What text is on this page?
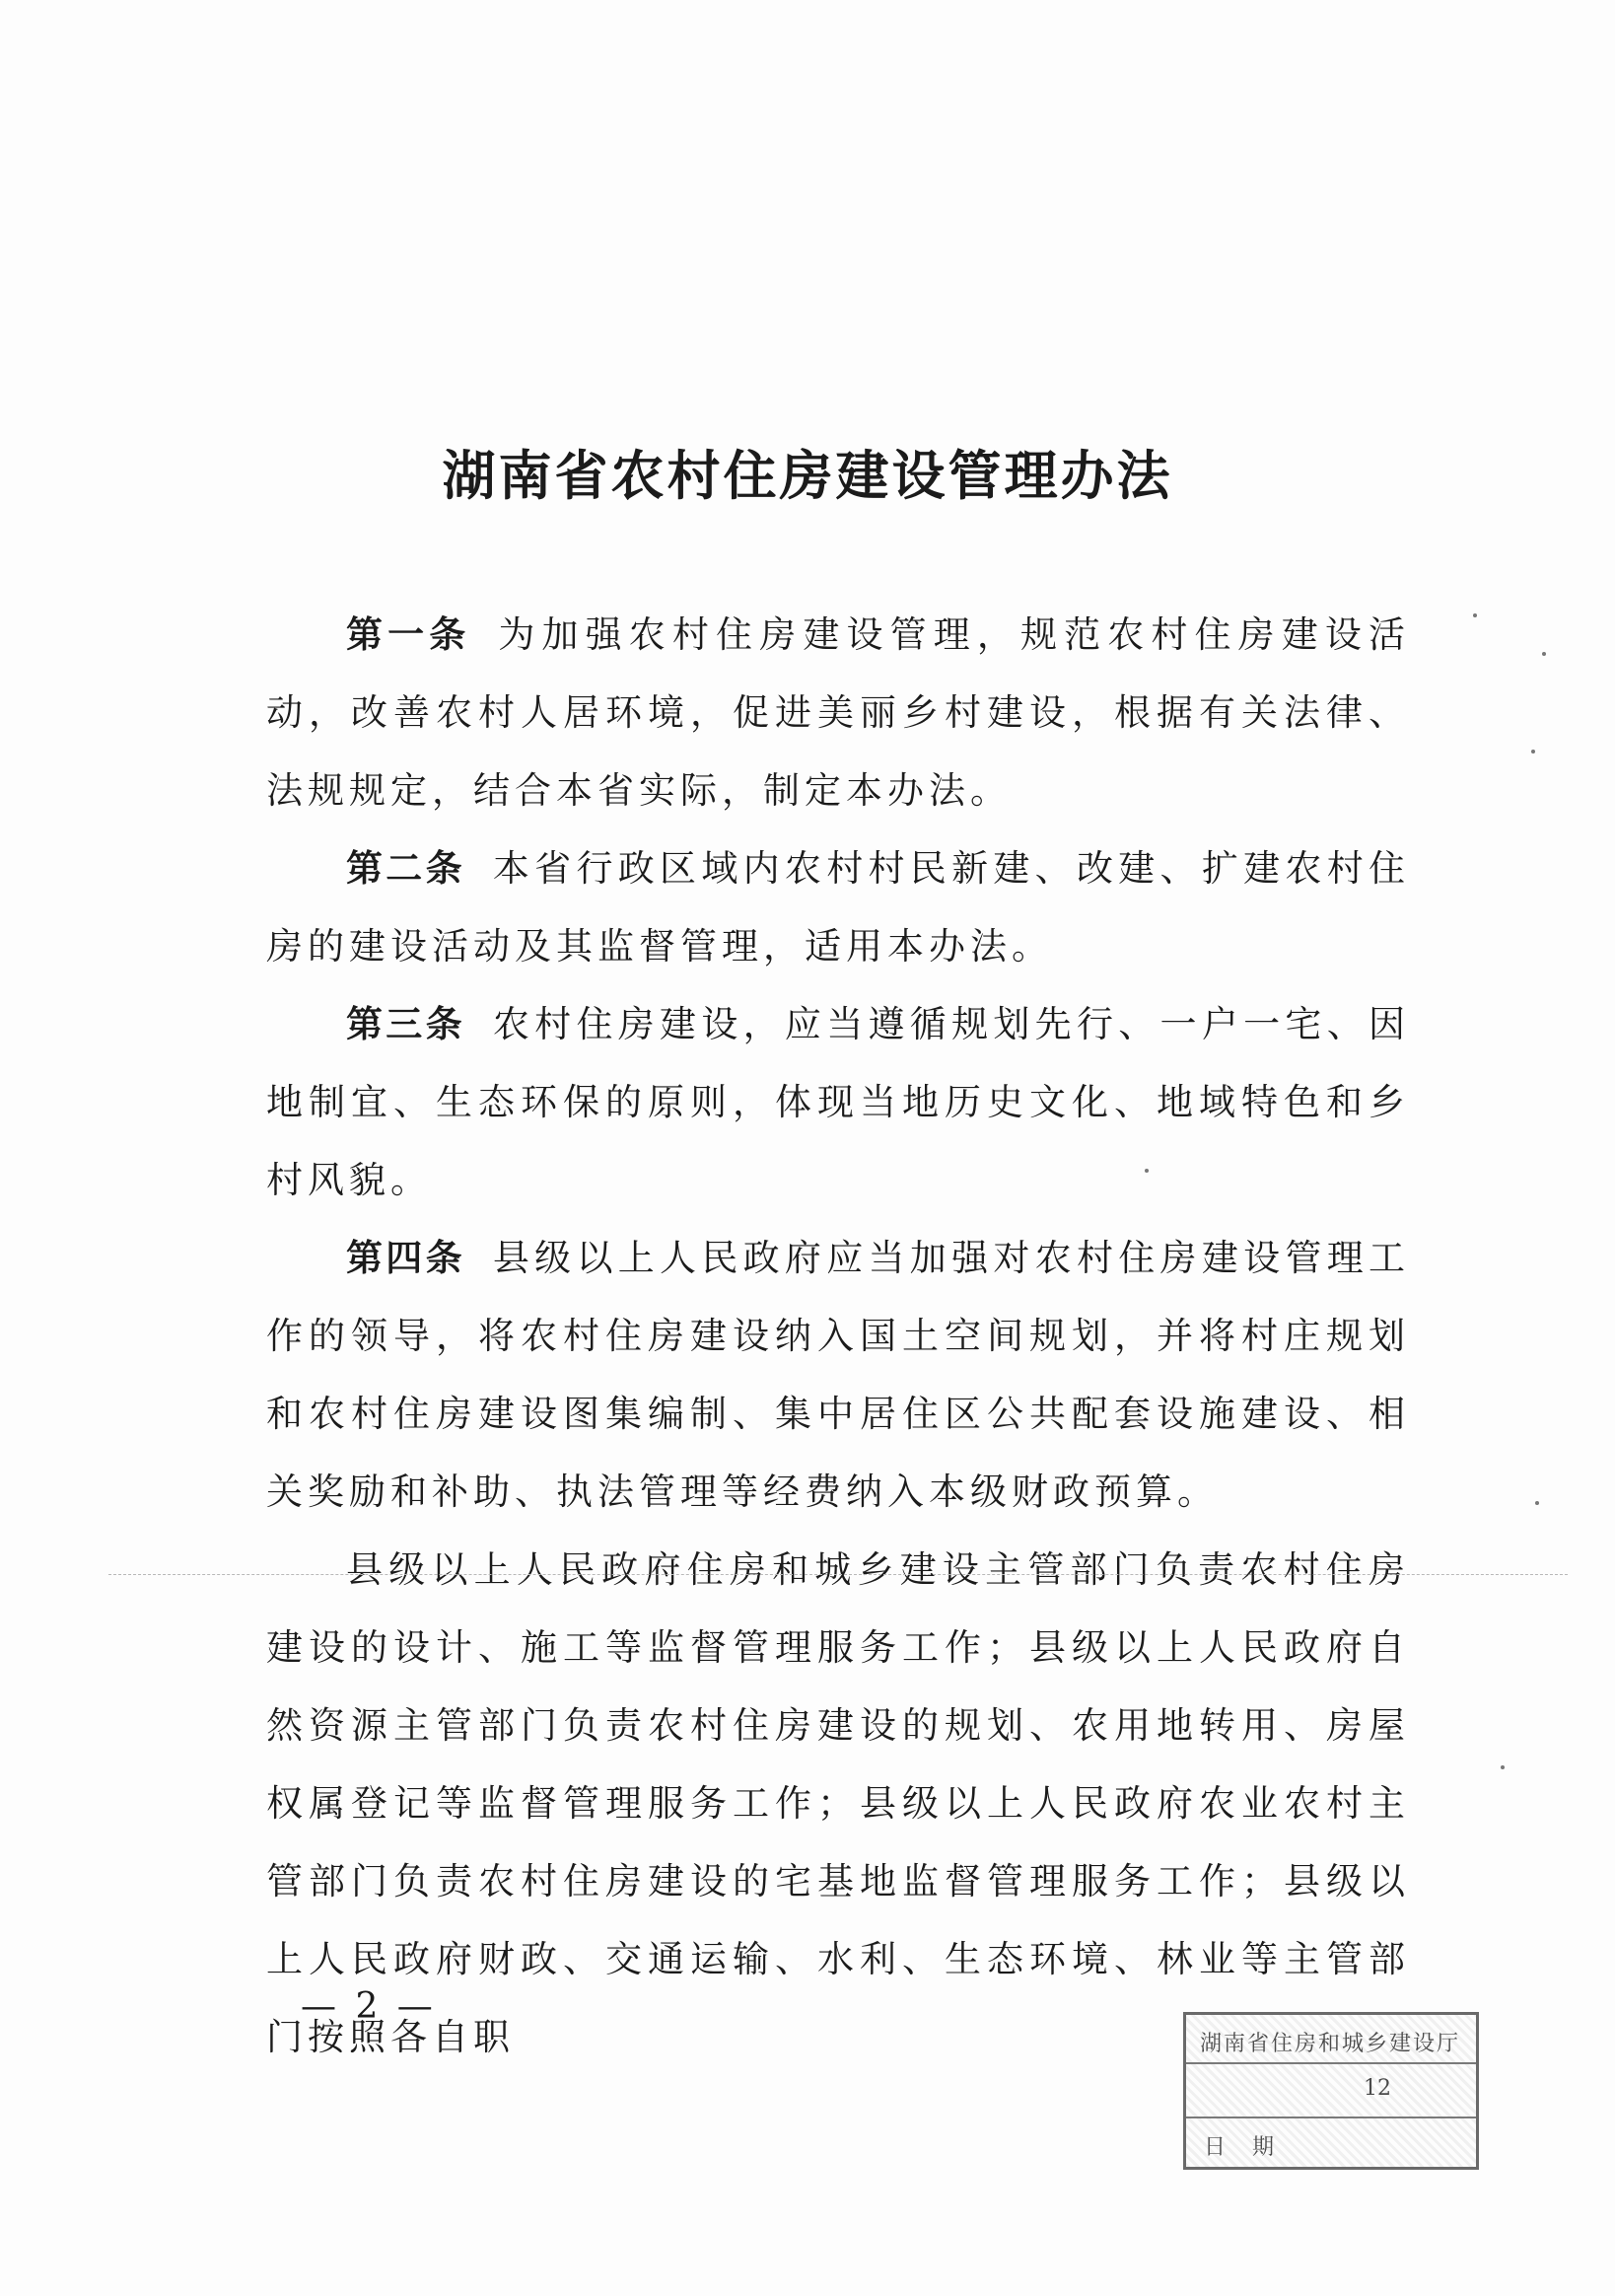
湖南省农村住房建设管理办法

第一条 为加强农村住房建设管理，规范农村住房建设活动，改善农村人居环境，促进美丽乡村建设，根据有关法律、法规规定，结合本省实际，制定本办法。

第二条 本省行政区域内农村村民新建、改建、扩建农村住房的建设活动及其监督管理，适用本办法。

第三条 农村住房建设，应当遵循规划先行、一户一宅、因地制宜、生态环保的原则，体现当地历史文化、地域特色和乡村风貌。

第四条 县级以上人民政府应当加强对农村住房建设管理工作的领导，将农村住房建设纳入国土空间规划，并将村庄规划和农村住房建设图集编制、集中居住区公共配套设施建设、相关奖励和补助、执法管理等经费纳入本级财政预算。

县级以上人民政府住房和城乡建设主管部门负责农村住房建设的设计、施工等监督管理服务工作；县级以上人民政府自然资源主管部门负责农村住房建设的规划、农用地转用、房屋权属登记等监督管理服务工作；县级以上人民政府农业农村主管部门负责农村住房建设的宅基地监督管理服务工作；县级以上人民政府财政、交通运输、水利、生态环境、林业等主管部门按照各自职

— 2 —
湖南省住房和城乡建设厅
12
日 期
